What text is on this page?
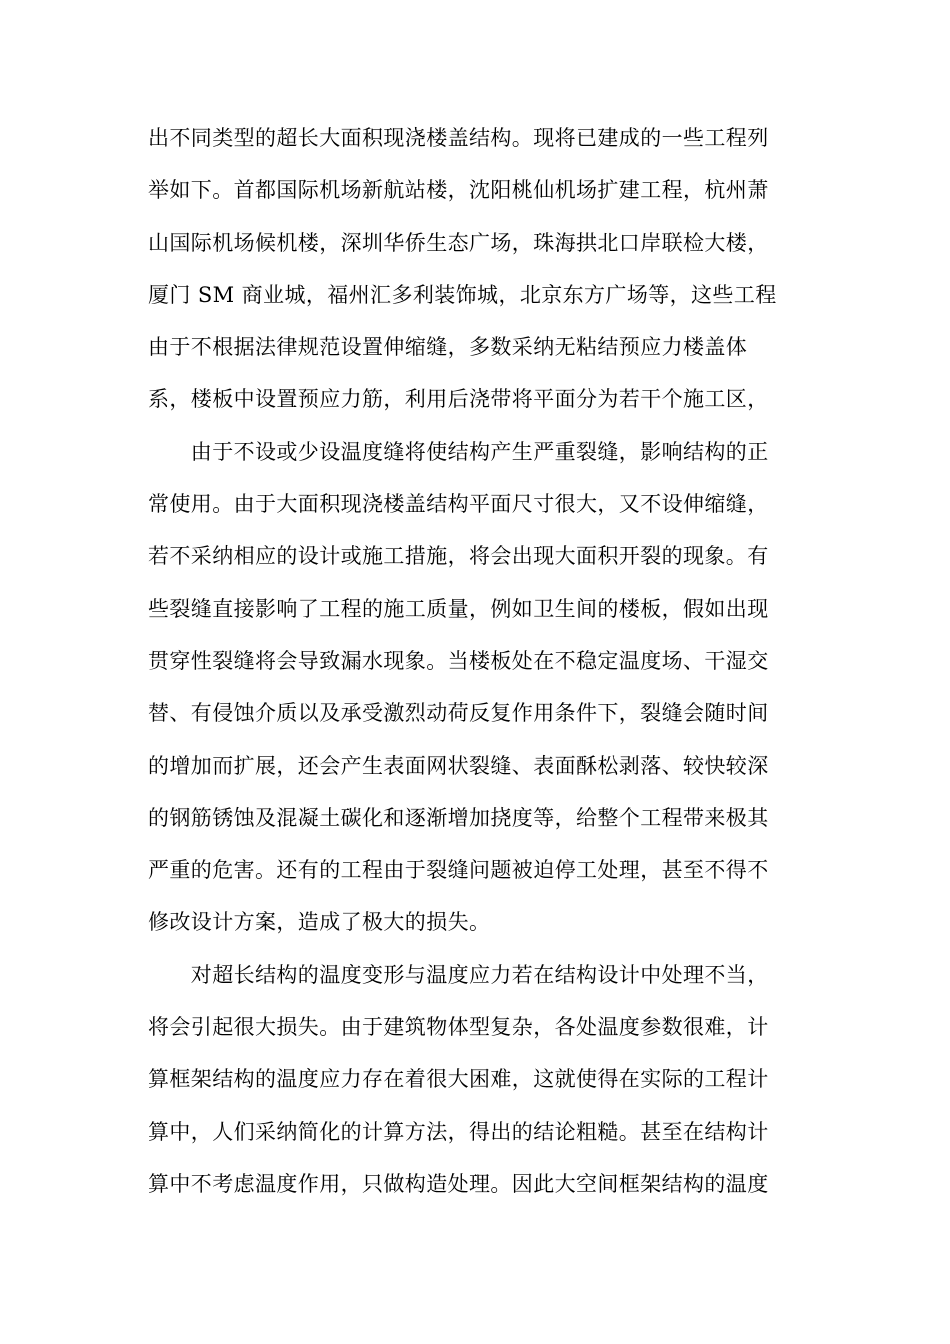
出不同类型的超长大面积现浇楼盖结构。现将已建成的一些工程列
举如下。首都国际机场新航站楼，沈阳桃仙机场扩建工程，杭州萧
山国际机场候机楼，深圳华侨生态广场，珠海拱北口岸联检大楼，
厦门 SM 商业城，福州汇多利装饰城，北京东方广场等，这些工程
由于不根据法律规范设置伸缩缝，多数采纳无粘结预应力楼盖体
系，楼板中设置预应力筋，利用后浇带将平面分为若干个施工区，
　　由于不设或少设温度缝将使结构产生严重裂缝，影响结构的正
常使用。由于大面积现浇楼盖结构平面尺寸很大，又不设伸缩缝，
若不采纳相应的设计或施工措施，将会出现大面积开裂的现象。有
些裂缝直接影响了工程的施工质量，例如卫生间的楼板，假如出现
贯穿性裂缝将会导致漏水现象。当楼板处在不稳定温度场、干湿交
替、有侵蚀介质以及承受激烈动荷反复作用条件下，裂缝会随时间
的增加而扩展，还会产生表面网状裂缝、表面酥松剥落、较快较深
的钢筋锈蚀及混凝土碳化和逐渐增加挠度等，给整个工程带来极其
严重的危害。还有的工程由于裂缝问题被迫停工处理，甚至不得不
修改设计方案，造成了极大的损失。
　　对超长结构的温度变形与温度应力若在结构设计中处理不当，
将会引起很大损失。由于建筑物体型复杂，各处温度参数很难，计
算框架结构的温度应力存在着很大困难，这就使得在实际的工程计
算中，人们采纳简化的计算方法，得出的结论粗糙。甚至在结构计
算中不考虑温度作用，只做构造处理。因此大空间框架结构的温度
